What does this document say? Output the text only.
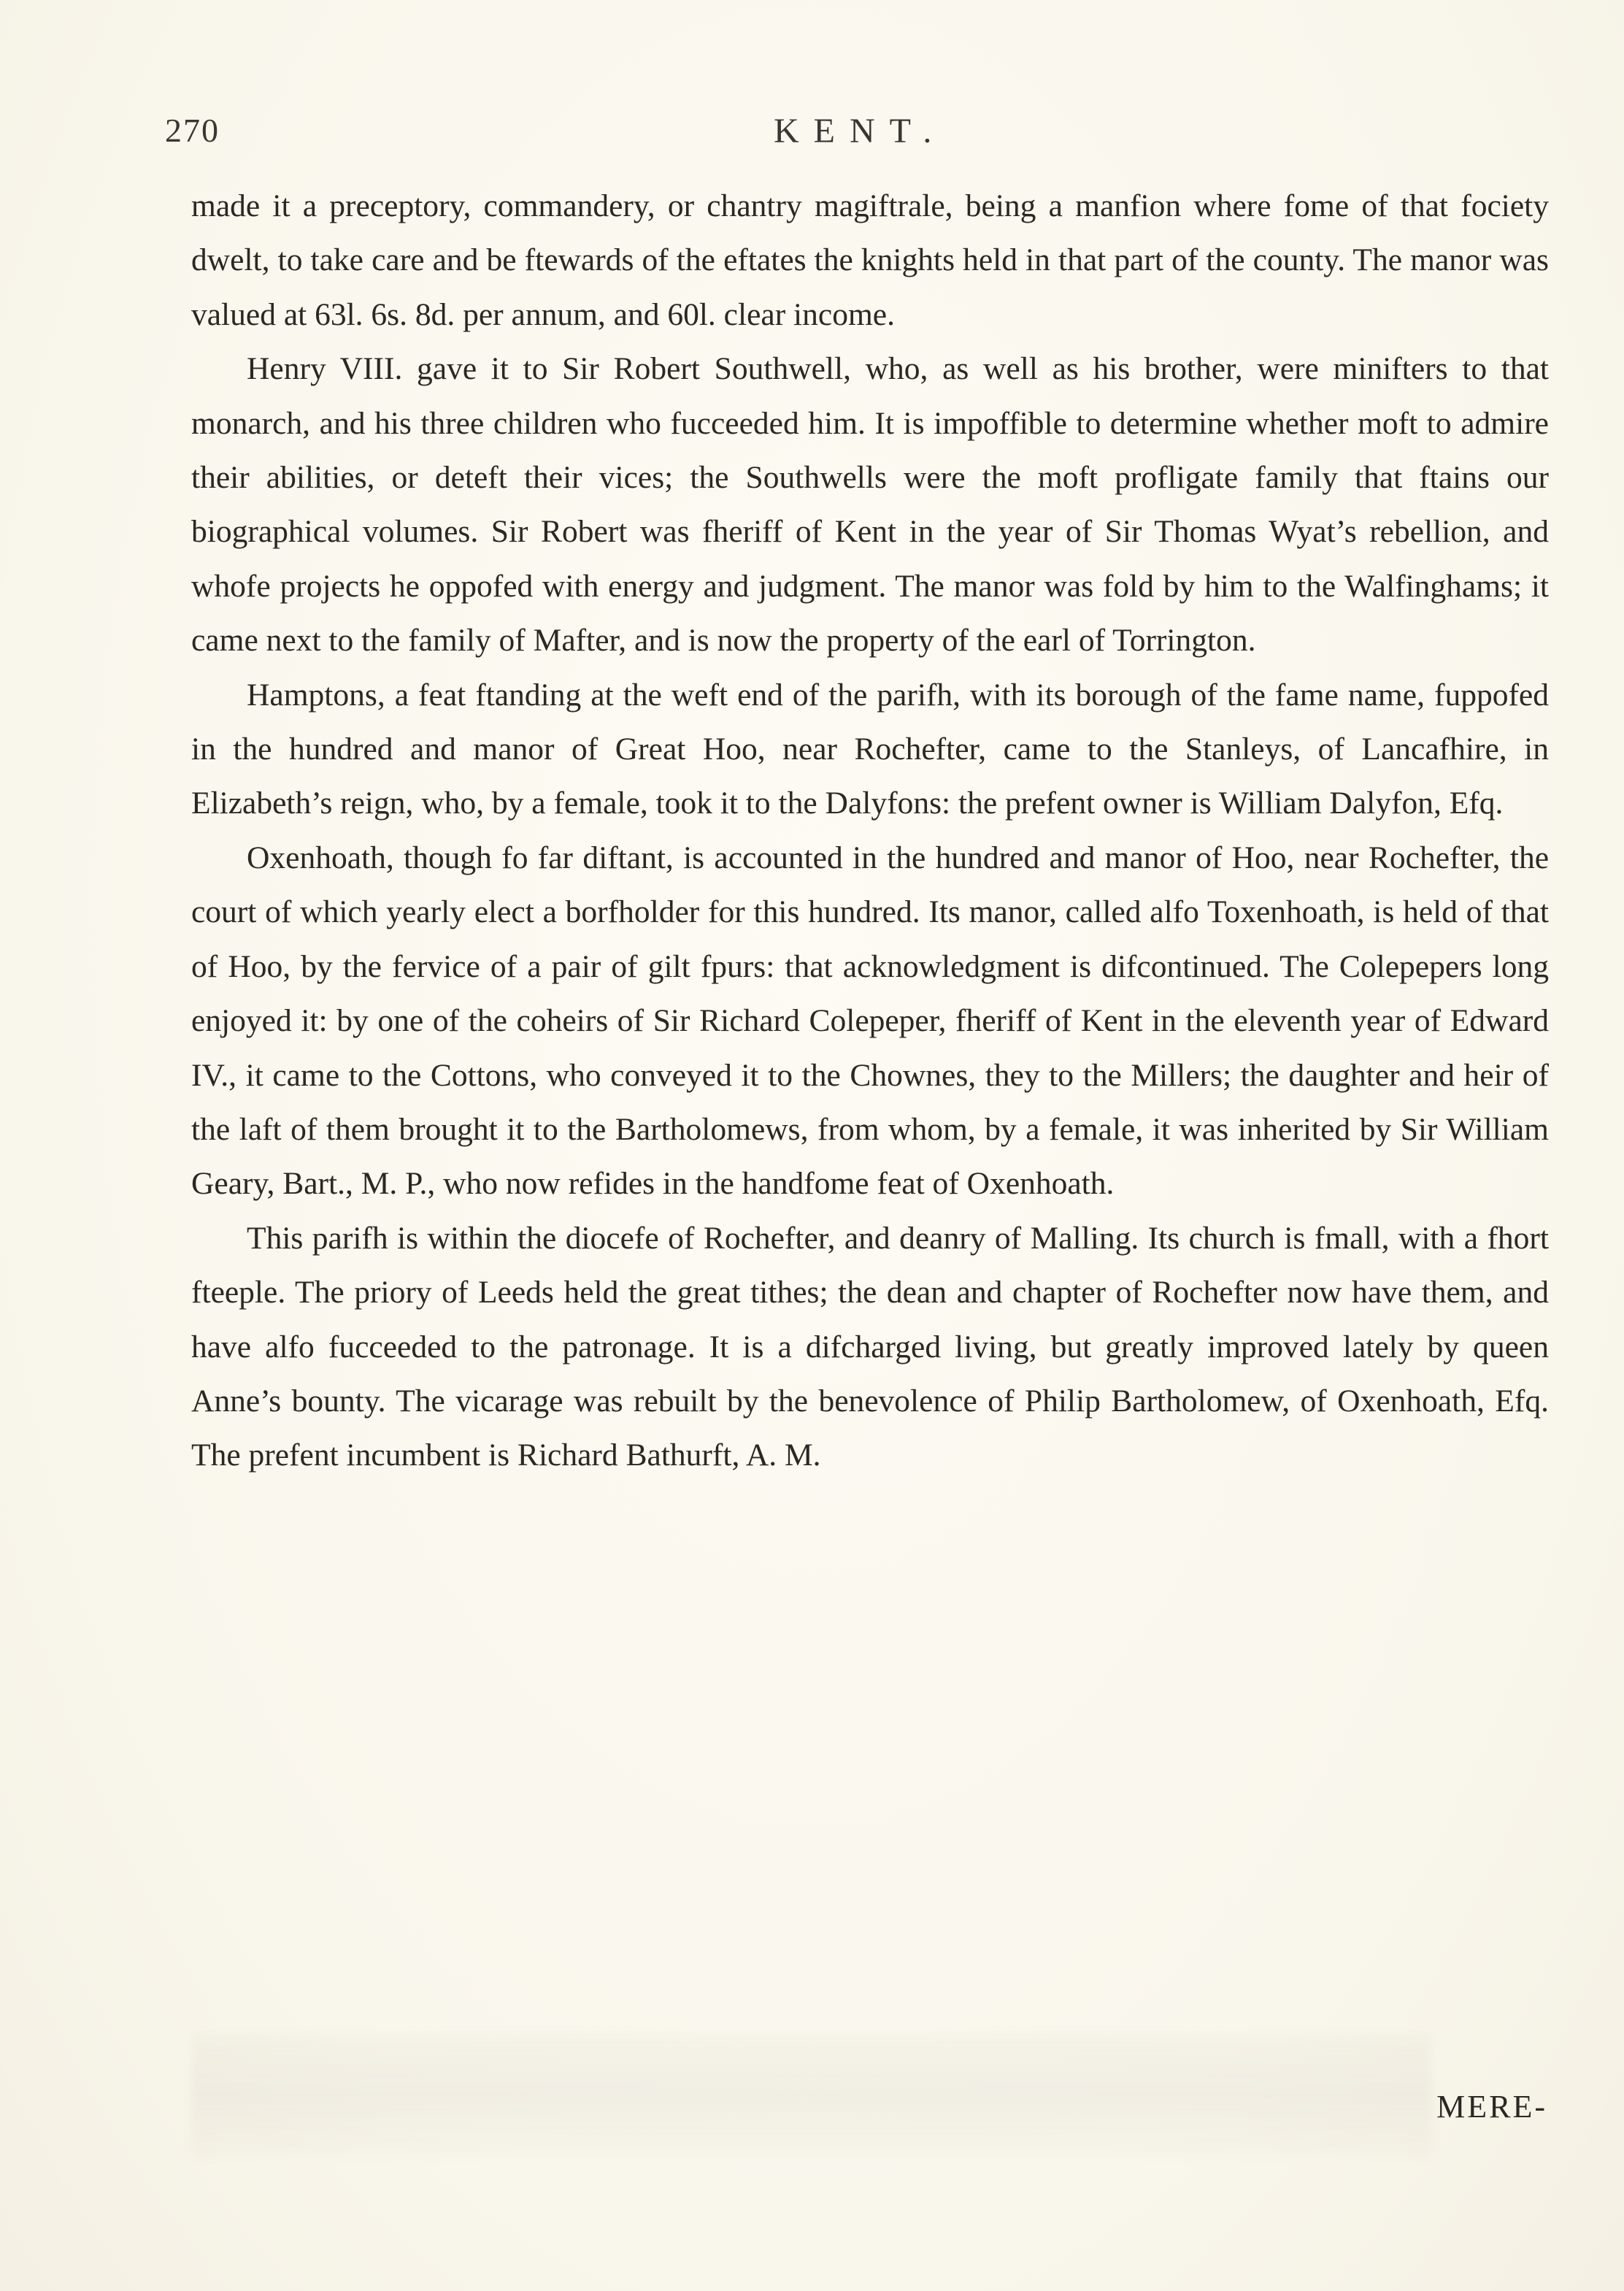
270	KENT.

made it a preceptory, commandery, or chantry magiftrale, being a manfion where fome of that fociety dwelt, to take care and be ftewards of the eftates the knights held in that part of the county. The manor was valued at 63l. 6s. 8d. per annum, and 60l. clear income.

Henry VIII. gave it to Sir Robert Southwell, who, as well as his brother, were minifters to that monarch, and his three children who fucceeded him. It is impoffible to determine whether moft to admire their abilities, or deteft their vices; the Southwells were the moft profligate family that ftains our biographical volumes. Sir Robert was fheriff of Kent in the year of Sir Thomas Wyat’s rebellion, and whofe projects he oppofed with energy and judgment. The manor was fold by him to the Walfinghams; it came next to the family of Mafter, and is now the property of the earl of Torrington.

Hamptons, a feat ftanding at the weft end of the parifh, with its borough of the fame name, fuppofed in the hundred and manor of Great Hoo, near Rochefter, came to the Stanleys, of Lancafhire, in Elizabeth’s reign, who, by a female, took it to the Dalyfons: the prefent owner is William Dalyfon, Efq.

Oxenhoath, though fo far diftant, is accounted in the hundred and manor of Hoo, near Rochefter, the court of which yearly elect a borfholder for this hundred. Its manor, called alfo Toxenhoath, is held of that of Hoo, by the fervice of a pair of gilt fpurs: that acknowledgment is difcontinued. The Colepepers long enjoyed it: by one of the coheirs of Sir Richard Colepeper, fheriff of Kent in the eleventh year of Edward IV., it came to the Cottons, who conveyed it to the Chownes, they to the Millers; the daughter and heir of the laft of them brought it to the Bartholomews, from whom, by a female, it was inherited by Sir William Geary, Bart., M. P., who now refides in the handfome feat of Oxenhoath.

This parifh is within the diocefe of Rochefter, and deanry of Malling. Its church is fmall, with a fhort fteeple. The priory of Leeds held the great tithes; the dean and chapter of Rochefter now have them, and have alfo fucceeded to the patronage. It is a difcharged living, but greatly improved lately by queen Anne’s bounty. The vicarage was rebuilt by the benevolence of Philip Bartholomew, of Oxenhoath, Efq. The prefent incumbent is Richard Bathurft, A. M.

MERE-
